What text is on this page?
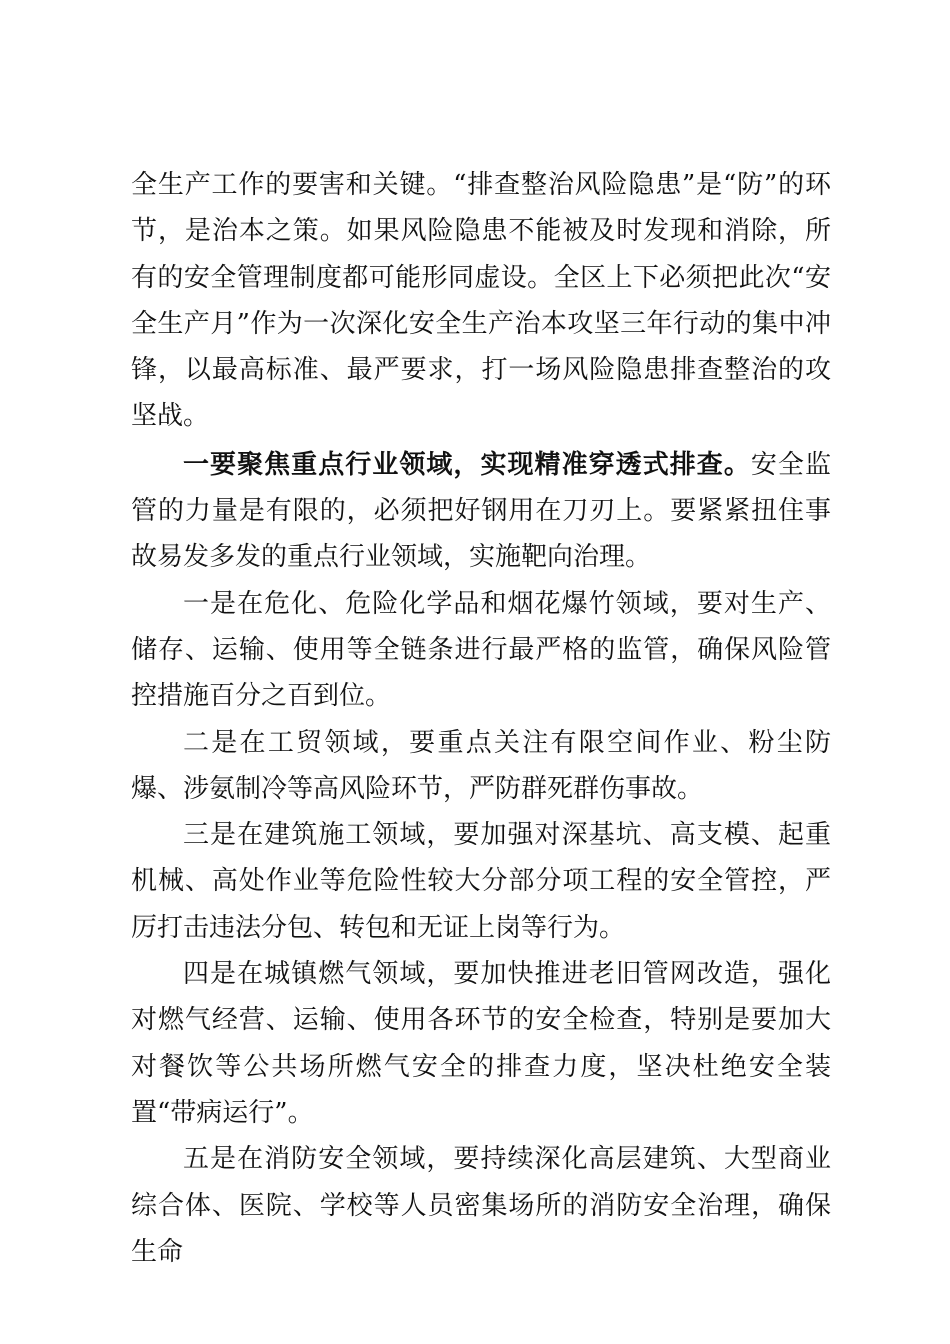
全生产工作的要害和关键。“排查整治风险隐患”是“防”的环节，是治本之策。如果风险隐患不能被及时发现和消除，所有的安全管理制度都可能形同虚设。全区上下必须把此次“安全生产月”作为一次深化安全生产治本攻坚三年行动的集中冲锋，以最高标准、最严要求，打一场风险隐患排查整治的攻坚战。

一要聚焦重点行业领域，实现精准穿透式排查。安全监管的力量是有限的，必须把好钢用在刀刃上。要紧紧扭住事故易发多发的重点行业领域，实施靶向治理。

一是在危化、危险化学品和烟花爆竹领域，要对生产、储存、运输、使用等全链条进行最严格的监管，确保风险管控措施百分之百到位。

二是在工贸领域，要重点关注有限空间作业、粉尘防爆、涉氨制冷等高风险环节，严防群死群伤事故。

三是在建筑施工领域，要加强对深基坑、高支模、起重机械、高处作业等危险性较大分部分项工程的安全管控，严厉打击违法分包、转包和无证上岗等行为。

四是在城镇燃气领域，要加快推进老旧管网改造，强化对燃气经营、运输、使用各环节的安全检查，特别是要加大对餐饮等公共场所燃气安全的排查力度，坚决杜绝安全装置“带病运行”。

五是在消防安全领域，要持续深化高层建筑、大型商业综合体、医院、学校等人员密集场所的消防安全治理，确保生命
